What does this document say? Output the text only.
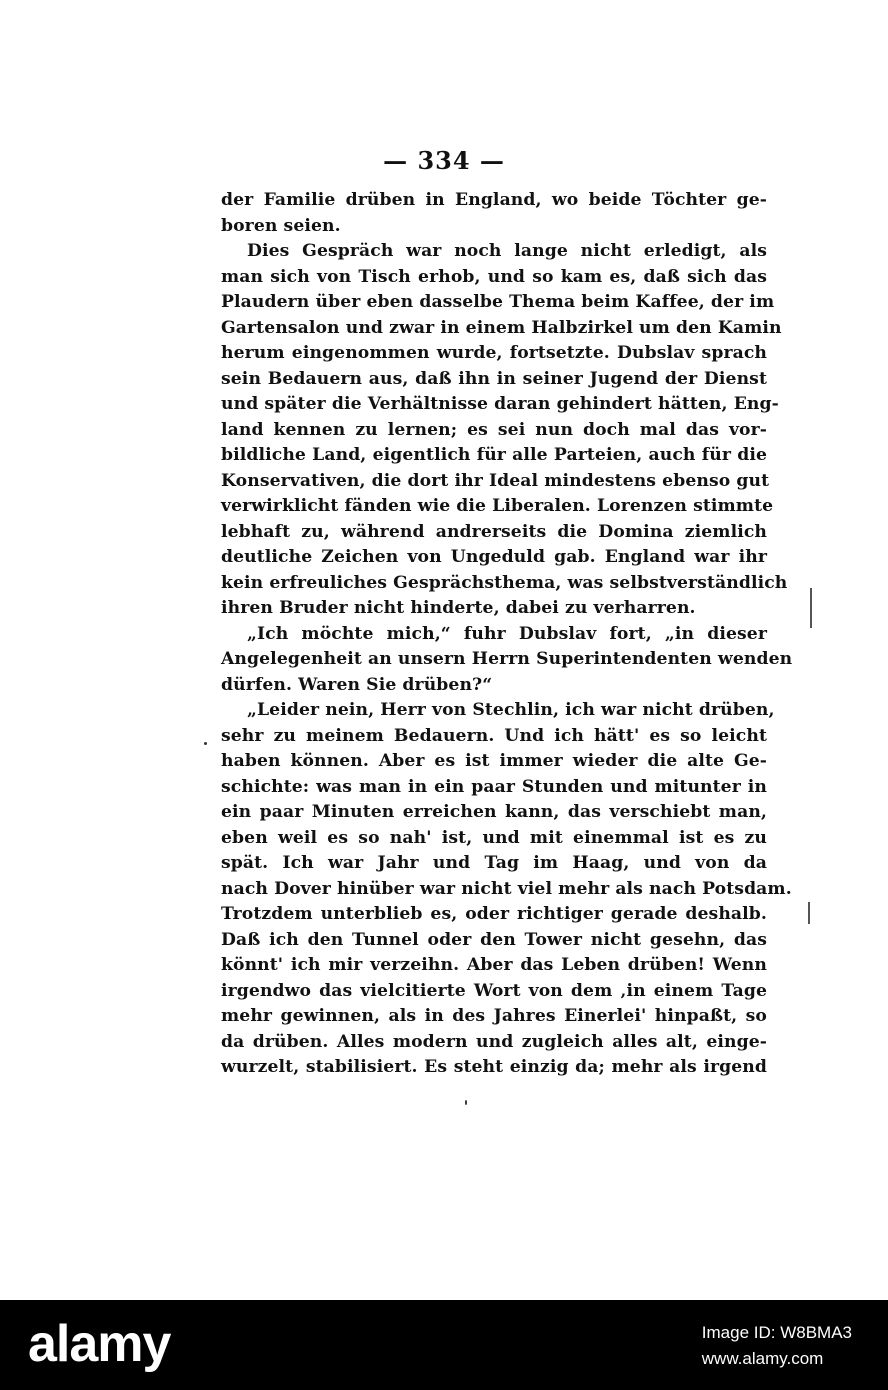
— 334 —
der Familie drüben in England, wo beide Töchter ge-
boren seien.
Dies Gespräch war noch lange nicht erledigt, als
man sich von Tisch erhob, und so kam es, daß sich das
Plaudern über eben dasselbe Thema beim Kaffee, der im
Gartensalon und zwar in einem Halbzirkel um den Kamin
herum eingenommen wurde, fortsetzte. Dubslav sprach
sein Bedauern aus, daß ihn in seiner Jugend der Dienst
und später die Verhältnisse daran gehindert hätten, Eng-
land kennen zu lernen; es sei nun doch mal das vor-
bildliche Land, eigentlich für alle Parteien, auch für die
Konservativen, die dort ihr Ideal mindestens ebenso gut
verwirklicht fänden wie die Liberalen. Lorenzen stimmte
lebhaft zu, während andrerseits die Domina ziemlich
deutliche Zeichen von Ungeduld gab. England war ihr
kein erfreuliches Gesprächsthema, was selbstverständlich
ihren Bruder nicht hinderte, dabei zu verharren.
„Ich möchte mich,“ fuhr Dubslav fort, „in dieser
Angelegenheit an unsern Herrn Superintendenten wenden
dürfen. Waren Sie drüben?“
„Leider nein, Herr von Stechlin, ich war nicht drüben,
sehr zu meinem Bedauern. Und ich hätt' es so leicht
haben können. Aber es ist immer wieder die alte Ge-
schichte: was man in ein paar Stunden und mitunter in
ein paar Minuten erreichen kann, das verschiebt man,
eben weil es so nah' ist, und mit einemmal ist es zu
spät. Ich war Jahr und Tag im Haag, und von da
nach Dover hinüber war nicht viel mehr als nach Potsdam.
Trotzdem unterblieb es, oder richtiger gerade deshalb.
Daß ich den Tunnel oder den Tower nicht gesehn, das
könnt' ich mir verzeihn. Aber das Leben drüben! Wenn
irgendwo das vielcitierte Wort von dem ‚in einem Tage
mehr gewinnen, als in des Jahres Einerlei' hinpaßt, so
da drüben. Alles modern und zugleich alles alt, einge-
wurzelt, stabilisiert. Es steht einzig da; mehr als irgend
alamy	Image ID: W8BMA3
www.alamy.com
